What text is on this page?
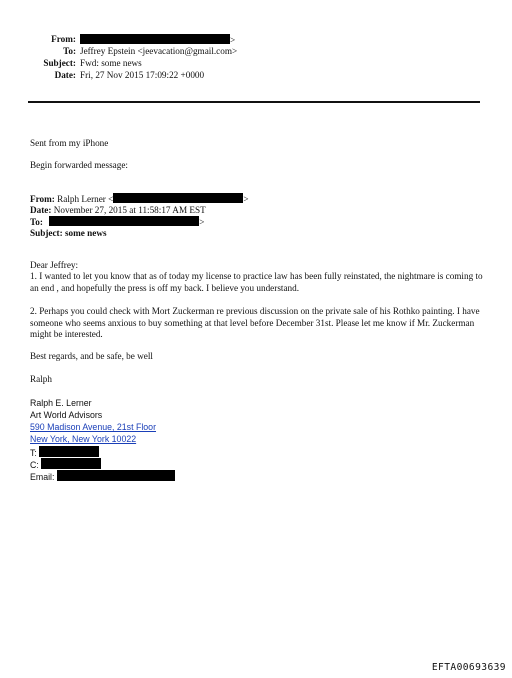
From:	>
To: Jeffrey Epstein <jeevacation@gmail.com>
Subject: Fwd: some news
Date: Fri, 27 Nov 2015 17:09:22 +0000
Sent from my iPhone
Begin forwarded message:
From: Ralph Lerner <	>
Date: November 27, 2015 at 11:58:17 AM EST
To:	>
Subject: some news
Dear Jeffrey:
1. I wanted to let you know that as of today my license to practice law has been fully reinstated, the nightmare is coming to an end , and hopefully the press is off my back. I believe you understand.
2. Perhaps you could check with Mort Zuckerman re previous discussion on the private sale of his Rothko painting. I have someone who seems anxious to buy something at that level before December 31st. Please let me know if Mr. Zuckerman might be interested.
Best regards, and be safe, be well
Ralph
Ralph E. Lerner
Art World Advisors
590 Madison Avenue, 21st Floor
New York, New York 10022
T:
C:
Email:
EFTA00693639
